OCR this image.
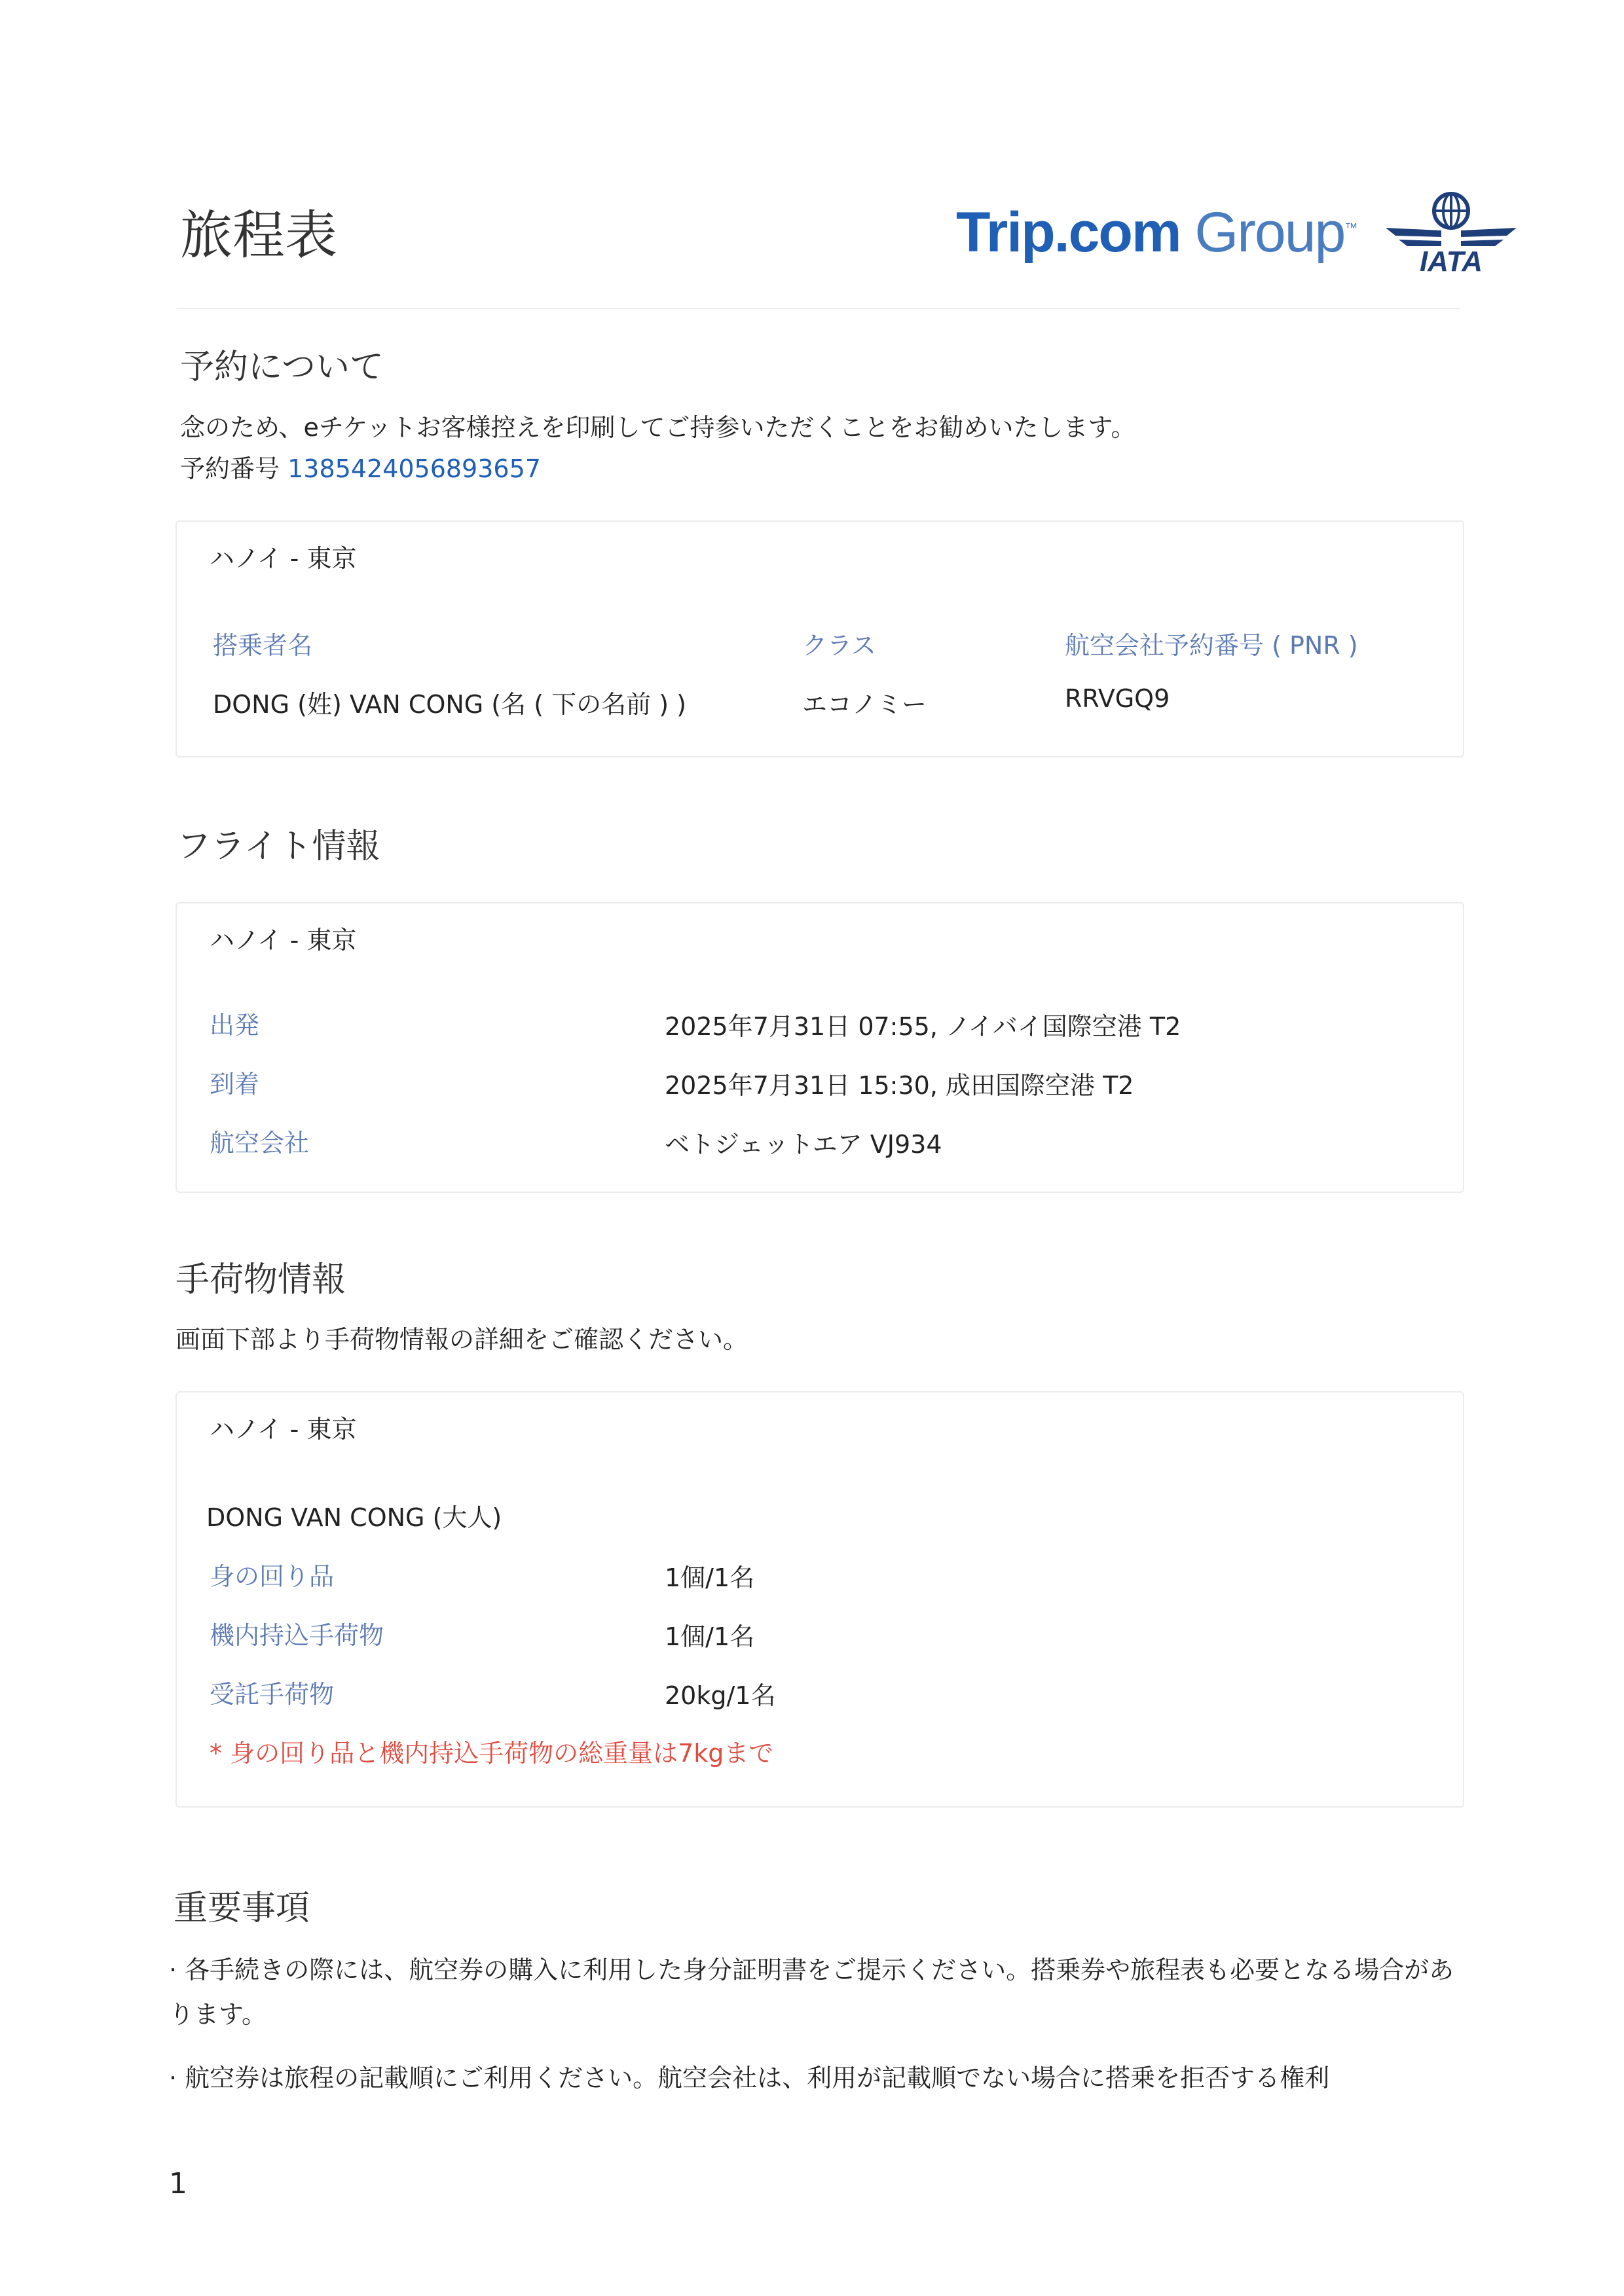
旅程表	Trip.com Group™
IATA
予約について
念のため、eチケットお客様控えを印刷してご持参いただくことをお勧めいたします。
予約番号 1385424056893657
ハノイ - 東京
搭乗者名	クラス	航空会社予約番号 ( PNR )
DONG (姓) VAN CONG (名 ( 下の名前 ) )	エコノミー	RRVGQ9
フライト情報
ハノイ - 東京
出発	2025年7月31日 07:55, ノイバイ国際空港 T2
到着	2025年7月31日 15:30, 成田国際空港 T2
航空会社	ベトジェットエア VJ934
手荷物情報
画面下部より手荷物情報の詳細をご確認ください。
ハノイ - 東京
DONG VAN CONG (大人)
身の回り品	1個/1名
機内持込手荷物	1個/1名
受託手荷物	20kg/1名
* 身の回り品と機内持込手荷物の総重量は7kgまで
重要事項
· 各手続きの際には、航空券の購入に利用した身分証明書をご提示ください。搭乗券や旅程表も必要となる場合があります。
· 航空券は旅程の記載順にご利用ください。航空会社は、利用が記載順でない場合に搭乗を拒否する権利
1
